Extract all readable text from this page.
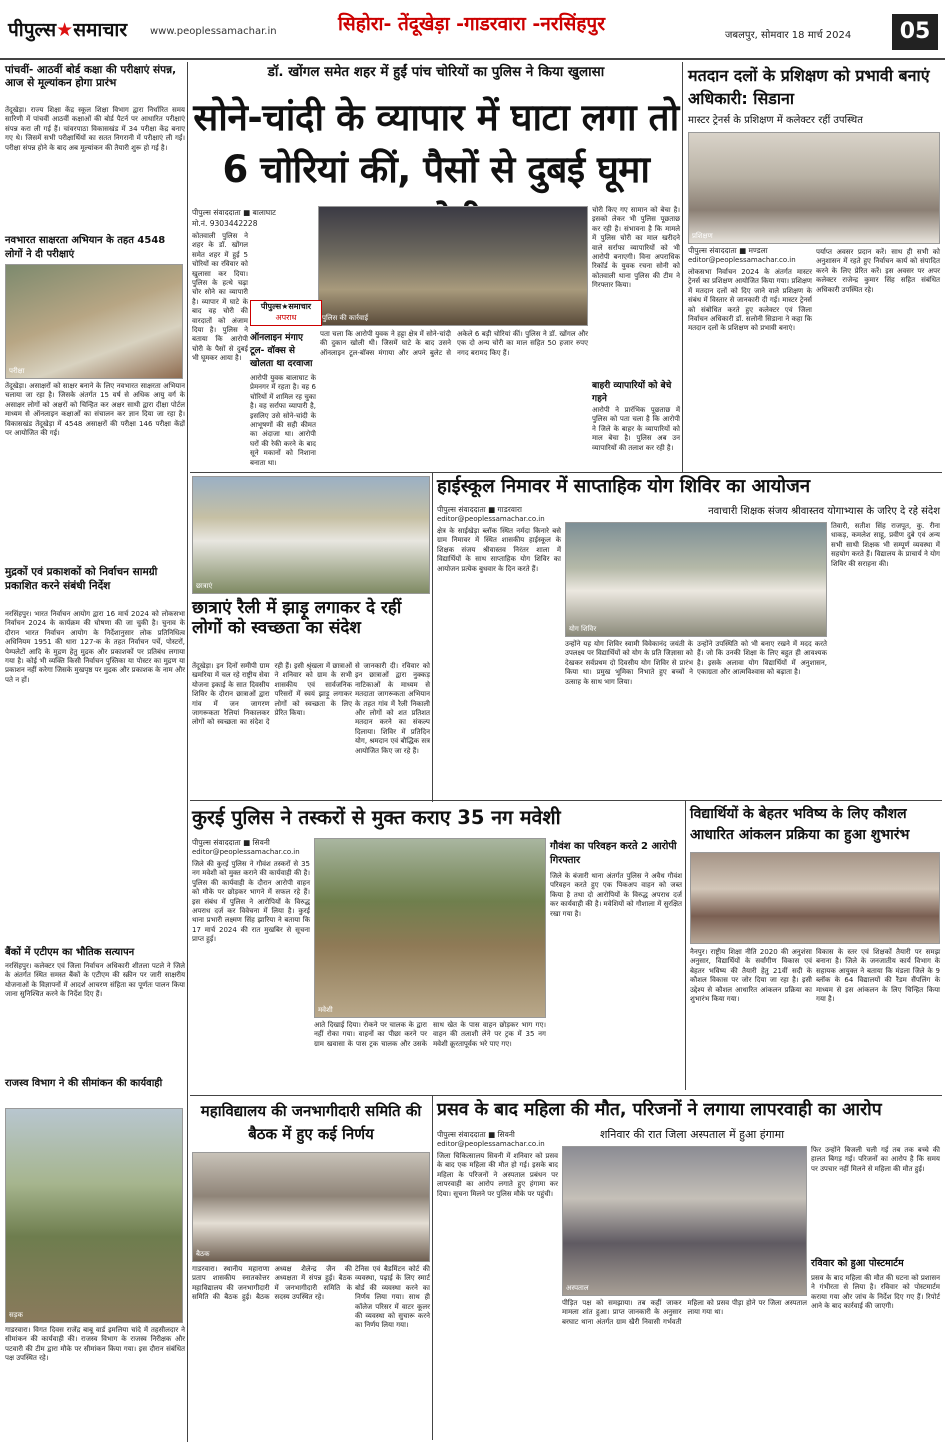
पीपुल्स★समाचार www.peoplessamachar.in	सिहोरा- तेंदूखेड़ा -गाडरवारा -नरसिंहपुर
जबलपुर, सोमवार 18 मार्च 2024	05
पांचवीं- आठवीं बोर्ड कक्षा की परीक्षाएं संपन्न, आज से मूल्यांकन होगा प्रारंभ
तेंदूखेड़ा। राज्य शिक्षा केंद्र स्कूल शिक्षा विभाग द्वारा निर्धारित समय सारिणी में पांचवीं आठवीं कक्षाओं की बोर्ड पैटर्न पर आधारित परीक्षाएं संपन्न करा ली गई हैं। चांवरपाठा विकासखंड में 34 परीक्षा केंद्र बनाए गए थे। जिसमें सभी परीक्षार्थियों का सतत निगरानी में परीक्षाएं ली गईं। परीक्षा संपन्न होने के बाद अब मूल्यांकन की तैयारी शुरू हो गई है।
नवभारत साक्षरता अभियान के तहत 4548 लोगों ने दी परीक्षाएं
परीक्षा
तेंदूखेड़ा। असाक्षरों को साक्षर बनाने के लिए नवभारत साक्षरता अभियान चलाया जा रहा है। जिसके अंतर्गत 15 वर्ष से अधिक आयु वर्ग के असाक्षर लोगों को अक्षरों को चिन्हित कर अक्षर साथी द्वारा दीक्षा पोर्टल माध्यम से ऑनलाइन कक्षाओं का संचालन कर ज्ञान दिया जा रहा है। विकासखंड तेंदूखेड़ा में 4548 असाक्षरों की परीक्षा 146 परीक्षा केंद्रों पर आयोजित की गई।
मुद्रकों एवं प्रकाशकों को निर्वाचन सामग्री प्रकाशित करने संबंधी निर्देश
नरसिंहपुर। भारत निर्वाचन आयोग द्वारा 16 मार्च 2024 को लोकसभा निर्वाचन 2024 के कार्यक्रम की घोषणा की जा चुकी है। चुनाव के दौरान भारत निर्वाचन आयोग के निर्देशानुसार लोक प्रतिनिधित्व अधिनियम 1951 की धारा 127-क के तहत निर्वाचन पर्चे, पोस्टरों, पेम्पलेटों आदि के मुद्रण हेतु मुद्रक और प्रकाशकों पर प्रतिबंध लगाया गया है। कोई भी व्यक्ति किसी निर्वाचन पुस्तिका या पोस्टर का मुद्रण या प्रकाशन नहीं करेगा जिसके मुखपृष्ठ पर मुद्रक और प्रकाशक के नाम और पते न हों।
बैंकों में एटीएम का भौतिक सत्यापन
नरसिंहपुर। कलेक्टर एवं जिला निर्वाचन अधिकारी शीतला पटले ने जिले के अंतर्गत स्थित समस्त बैंकों के एटीएम की स्क्रीन पर जारी साक्षरीय योजनाओं के विज्ञापनों में आदर्श आचरण संहिता का पूर्णतः पालन किया जाना सुनिश्चित करने के निर्देश दिए हैं।
राजस्व विभाग ने की सीमांकन की कार्यवाही
सड़क
गाडरवारा। विगत दिवस राजेंद्र बाबू वार्ड इमलिया चांदे में तहसीलदार ने सीमांकन की कार्यवाही की। राजस्व विभाग के राजस्व निरीक्षक और पटवारी की टीम द्वारा मौके पर सीमांकन किया गया। इस दौरान संबंधित पक्ष उपस्थित रहे।
डॉ. खोंगल समेत शहर में हुईं पांच चोरियों का पुलिस ने किया खुलासा
सोने-चांदी के व्यापार में घाटा लगा तो 6 चोरियां कीं, पैसों से दुबई घूमा
पीपुल्स संवाददाता ■ बालाघाट
मो.नं. 9303442228
पुलिस की कार्रवाई
पीपुल्स★समाचार
अपराध
कोतवाली पुलिस ने शहर के डॉ. खोंगल समेत शहर में हुई 5 चोरियों का रविवार को खुलासा कर दिया। पुलिस के हत्थे चढ़ा चोर सोने का व्यापारी है। व्यापार में घाटे के बाद वह चोरी की वारदातों को अंजाम दिया है। पुलिस ने बताया कि आरोपी चोरी के पैसों से दुबई भी घूमकर आया है।
ऑनलाइन मंगाए टूल- वॉक्स से खोलता था दरवाजा
आरोपी युवक बालाघाट के प्रेमनगर में रहता है। वह 6 चोरियों में शामिल रह चुका है। वह सर्राफा व्यापारी है, इसलिए उसे सोने-चांदी के आभूषणों की सही कीमत का अंदाजा था। आरोपी घरों की रेकी करने के बाद सूने मकानों को निशाना बनाता था।
पता चला कि आरोपी युवक ने हट्टा क्षेत्र में सोने-चांदी की दुकान खोली थी। जिसमें घाटे के बाद उसने ऑनलाइन टूल-बॉक्स मंगाया और अपने बुलेट से अकेले 6 बड़ी चोरियां कीं। पुलिस ने डॉ. खोंगल और एक दो अन्य चोरी का माल सहित 50 हजार रुपए नगद बरामद किए हैं।
चोरी किए गए सामान को बेचा है। इसको लेकर भी पुलिस पूछताछ कर रही है। संभावना है कि मामले में पुलिस चोरी का माल खरीदने वाले सर्राफा व्यापारियों को भी आरोपी बनाएगी। विना अपराधिक रिकॉर्ड के युवक रचना सोनी को कोतवाली थाना पुलिस की टीम ने गिरफ्तार किया।
बाहरी व्यापारियों को बेचे गहने
आरोपी ने प्रारंभिक पूछताछ में पुलिस को पता चला है कि आरोपी ने जिले के बाहर के व्यापारियों को माल बेचा है। पुलिस अब उन व्यापारियों की तलाश कर रही है।
मतदान दलों के प्रशिक्षण को प्रभावी बनाएं अधिकारी: सिडाना
मास्टर ट्रेनर्स के प्रशिक्षण में कलेक्टर रहीं उपस्थित
प्रशिक्षण
पीपुल्स संवाददाता ■ मण्डला
editor@peoplessamachar.co.in
लोकसभा निर्वाचन 2024 के अंतर्गत मास्टर ट्रेनर्स का प्रशिक्षण आयोजित किया गया। प्रशिक्षण में मतदान दलों को दिए जाने वाले प्रशिक्षण के संबंध में विस्तार से जानकारी दी गई। मास्टर ट्रेनर्स को संबोधित करते हुए कलेक्टर एवं जिला निर्वाचन अधिकारी डॉ. सलोनी सिडाना ने कहा कि मतदान दलों के प्रशिक्षण को प्रभावी बनाएं।
पर्याप्त अवसर प्रदान करें। साथ ही सभी को अनुशासन में रहते हुए निर्वाचन कार्य को संपादित करने के लिए प्रेरित करें। इस अवसर पर अपर कलेक्टर राजेन्द्र कुमार सिंह सहित संबंधित अधिकारी उपस्थित रहे।
छात्राएं
छात्राएं रैली में झाड़ू लगाकर दे रहीं लोगों को स्वच्छता का संदेश
तेंदूखेड़ा। इन दिनों समीपी ग्राम खमरिया में चल रहे राष्ट्रीय सेवा योजना इकाई के सात दिवसीय शिविर के दौरान छात्राओं द्वारा गांव में जन जागरण जागरूकता रैलियां निकालकर लोगों को स्वच्छता का संदेश दे रही हैं। इसी श्रृंखला में छात्राओं ने शनिवार को ग्राम के सभी शासकीय एवं सार्वजनिक परिसरों में स्वयं झाड़ू लगाकर लोगों को स्वच्छता के लिए प्रेरित किया।
से जानकारी दी। रविवार को इन छात्राओं द्वारा नुक्कड़ नाटिकाओं के माध्यम से मतदाता जागरूकता अभियान के तहत गांव में रैली निकाली और लोगों को शत प्रतिशत मतदान करने का संकल्प दिलाया। शिविर में प्रतिदिन योग, श्रमदान एवं बौद्धिक सत्र आयोजित किए जा रहे हैं।
हाईस्कूल निमावर में साप्ताहिक योग शिविर का आयोजन
नवाचारी शिक्षक संजय श्रीवास्तव योगाभ्यास के जरिए दे रहे संदेश
पीपुल्स संवाददाता ■ गाडरवारा
editor@peoplessamachar.co.in
क्षेत्र के साईखेड़ा ब्लॉक स्थित नर्मदा किनारे बसे ग्राम निमावर में स्थित शासकीय हाईस्कूल के शिक्षक संजय श्रीवास्तव निरंतर शाला में विद्यार्थियों के साथ साप्ताहिक योग शिविर का आयोजन प्रत्येक बुधवार के दिन करते हैं।
योग शिविर
उन्होंने यह योग शिविर स्वामी विवेकानंद जयंती के उपलक्ष्य पर विद्यार्थियों को योग के प्रति जिज्ञासा को देखकर सर्वप्रथम दो दिवसीय योग शिविर से प्रारंभ किया था। प्रमुख भूमिका निभाते हुए बच्चों ने उत्साह के साथ भाग लिया।
उन्होंने उपस्थिति को भी बनाए रखने में मदद करते हैं। जो कि उनकी शिक्षा के लिए बहुत ही आवश्यक है। इसके अलावा योग विद्यार्थियों में अनुशासन, एकाग्रता और आत्मविश्वास को बढ़ाता है।
तिवारी, सतीश सिंह राजपूत, कु. रीना धाकड़, कमलेश साहू, प्रवीण दुबे एवं अन्य सभी साथी शिक्षक भी सम्पूर्ण व्यवस्था में सहयोग करते हैं। विद्यालय के प्राचार्य ने योग शिविर की सराहना की।
कुरई पुलिस ने तस्करों से मुक्त कराए 35 नग मवेशी
पीपुल्स संवाददाता ■ सिवनी
editor@peoplessamachar.co.in
जिले की कुरई पुलिस ने गौवंश तस्करों से 35 नग मवेशी को मुक्त कराने की कार्यवाही की है। पुलिस की कार्यवाही के दौरान आरोपी वाहन को मौके पर छोड़कर भागने में सफल रहे हैं। इस संबंध में पुलिस ने आरोपियों के विरुद्ध अपराध दर्ज कर विवेचना में लिया है। कुरई थाना प्रभारी लक्ष्मण सिंह झारिया ने बताया कि 17 मार्च 2024 की रात मुखबिर से सूचना प्राप्त हुई।
मवेशी
आते दिखाई दिया। रोकने पर चालक के द्वारा नहीं रोका गया। वाहनों का पीछा करने पर ग्राम खवासा के पास ट्रक चालक और उसके साथ खेत के पास वाहन छोड़कर भाग गए। वाहन की तलाशी लेने पर ट्रक में 35 नग मवेशी क्रूरतापूर्वक भरे पाए गए।
गौवंश का परिवहन करते 2 आरोपी गिरफ्तार
जिले के बंजारी थाना अंतर्गत पुलिस ने अवैध गौवंश परिवहन करते हुए एक पिकअप वाहन को जब्त किया है तथा दो आरोपियों के विरुद्ध अपराध दर्ज कर कार्यवाही की है। मवेशियों को गौशाला में सुरक्षित रखा गया है।
विद्यार्थियों के बेहतर भविष्य के लिए कौशल आधारित आंकलन प्रक्रिया का हुआ शुभारंभ
नैनपुर। राष्ट्रीय शिक्षा नीति 2020 की अनुशंसा अनुसार, विद्यार्थियों के सर्वांगीण विकास एवं बेहतर भविष्य की तैयारी हेतु 21वीं सदी के कौशल विकास पर जोर दिया जा रहा है। इसी उद्देश्य से कौशल आधारित आंकलन प्रक्रिया का शुभारंभ किया गया।
विकास के स्तर एवं शिक्षकों तैयारी पर समझ बनाना है। जिले के जनजातीय कार्य विभाग के सहायक आयुक्त ने बताया कि मंडला जिले के 9 ब्लॉक के 64 विद्यालयों की रैंडम सैंपलिंग के माध्यम से इस आंकलन के लिए चिन्हित किया गया है।
महाविद्यालय की जनभागीदारी समिति की बैठक में हुए कई निर्णय
बैठक
गाडरवारा। स्थानीय महाराणा प्रताप शासकीय स्नातकोत्तर महाविद्यालय की जनभागीदारी समिति की बैठक हुई। बैठक अध्यक्ष शैलेन्द्र जैन की अध्यक्षता में संपन्न हुई। बैठक में जनभागीदारी समिति के सदस्य उपस्थित रहे।
टेनिस एवं बैडमिंटन कोर्ट की व्यवस्था, पढ़ाई के लिए स्मार्ट बोर्ड की व्यवस्था करने का निर्णय लिया गया। साथ ही कॉलेज परिसर में वाटर कूलर की व्यवस्था को सुचारू करने का निर्णय लिया गया।
प्रसव के बाद महिला की मौत, परिजनों ने लगाया लापरवाही का आरोप
शनिवार की रात जिला अस्पताल में हुआ हंगामा
पीपुल्स संवाददाता ■ सिवनी
editor@peoplessamachar.co.in
जिला चिकित्सालय सिवनी में शनिवार को प्रसव के बाद एक महिला की मौत हो गई। इसके बाद महिला के परिजनों ने अस्पताल प्रबंधन पर लापरवाही का आरोप लगाते हुए हंगामा कर दिया। सूचना मिलने पर पुलिस मौके पर पहुंची।
अस्पताल
पीड़ित पक्ष को समझाया। तब कहीं जाकर मामला शांत हुआ। प्राप्त जानकारी के अनुसार बरघाट थाना अंतर्गत ग्राम खैरी निवासी गर्भवती महिला को प्रसव पीड़ा होने पर जिला अस्पताल लाया गया था।
फिर उन्होंने बिजली चली गई तब तक बच्चे की हालत बिगड़ गई। परिजनों का आरोप है कि समय पर उपचार नहीं मिलने से महिला की मौत हुई।
रविवार को हुआ पोस्टमार्टम
प्रसव के बाद महिला की मौत की घटना को प्रशासन ने गंभीरता से लिया है। रविवार को पोस्टमार्टम कराया गया और जांच के निर्देश दिए गए हैं। रिपोर्ट आने के बाद कार्रवाई की जाएगी।
